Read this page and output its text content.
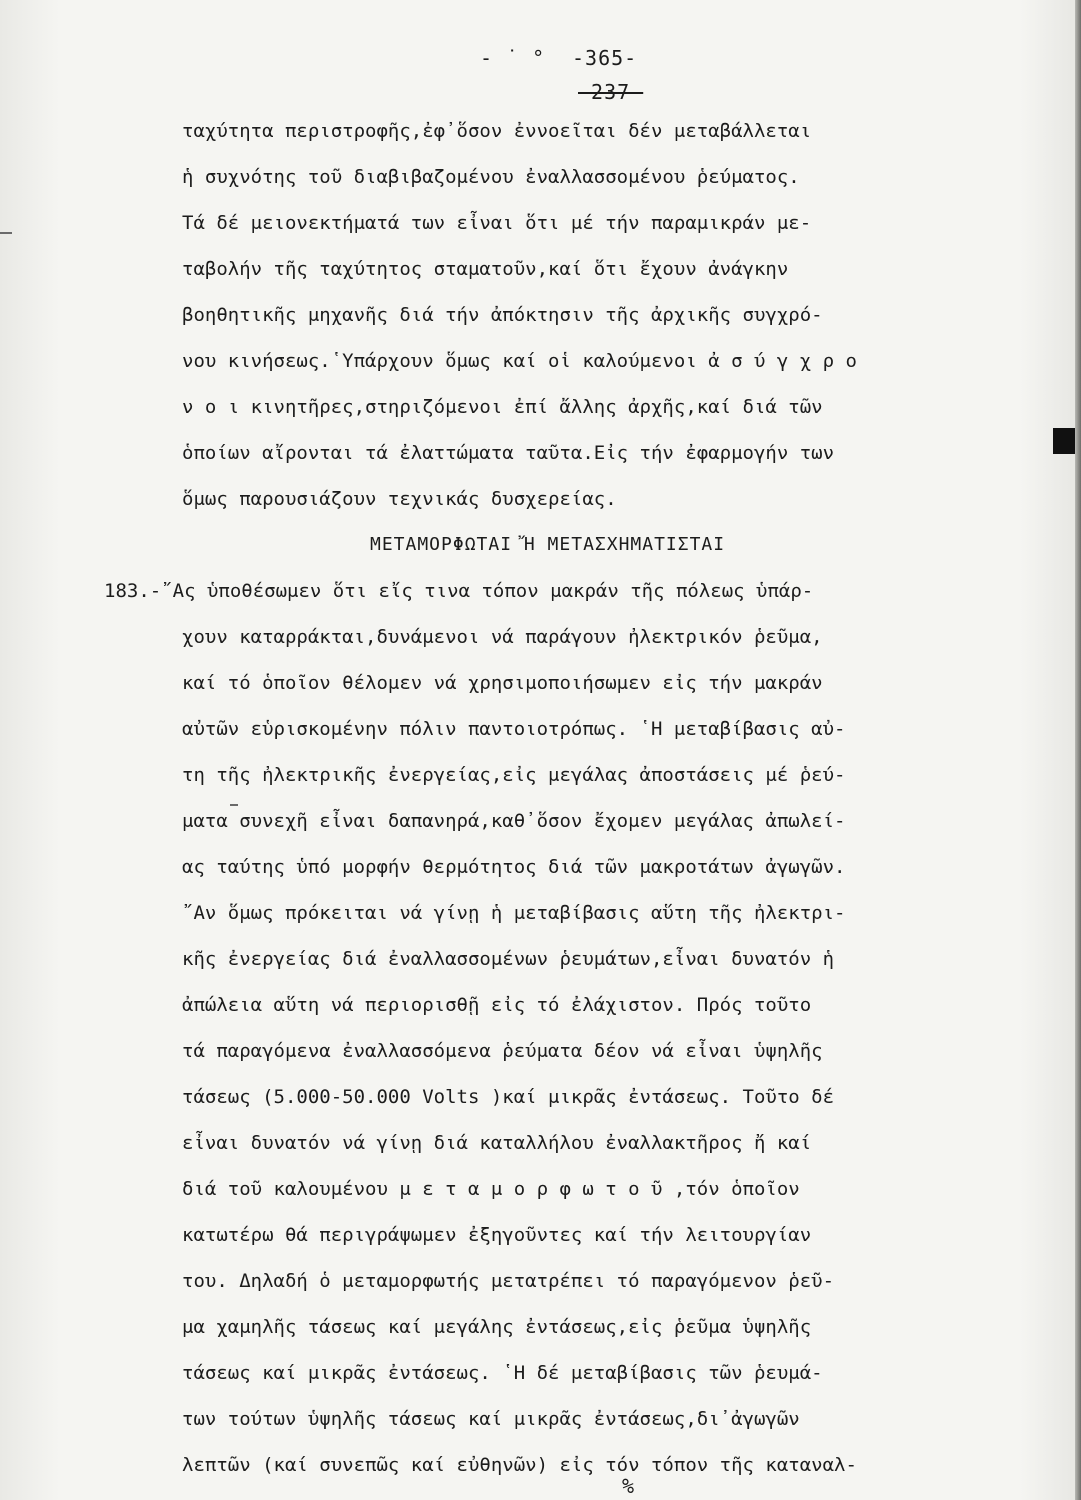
- ˙ ° -365-
-237-
ταχύτητα περιστροφῆς,ἐφ᾽ὅσον ἐννοεῖται δέν μεταβάλλεται
ἡ συχνότης τοῦ διαβιβαζομένου ἐναλλασσομένου ῥεύματος.
Τά δέ μειονεκτήματά των εἶναι ὅτι μέ τήν παραμικράν με-
ταβολήν τῆς ταχύτητος σταματοῦν,καί ὅτι ἔχουν ἀνάγκην
βοηθητικῆς μηχανῆς διά τήν ἀπόκτησιν τῆς ἀρχικῆς συγχρό-
νου κινήσεως.῾Υπάρχουν ὅμως καί οἱ καλούμενοι ἀ σ ύ γ χ ρ ο
ν ο ι κινητῆρες,στηριζόμενοι ἐπί ἄλλης ἀρχῆς,καί διά τῶν
ὁποίων αἴρονται τά ἐλαττώματα ταῦτα.Εἰς τήν ἐφαρμογήν των
ὅμως παρουσιάζουν τεχνικάς δυσχερείας.
ΜΕΤΑΜΟΡΦΩΤΑΙ Ἤ ΜΕΤΑΣΧΗΜΑΤΙΣΤΑΙ
183.-῎Ας ὑποθέσωμεν ὅτι εἴς τινα τόπον μακράν τῆς πόλεως ὑπάρ-
χουν καταρράκται,δυνάμενοι νά παράγουν ἠλεκτρικόν ῥεῦμα,
καί τό ὁποῖον θέλομεν νά χρησιμοποιήσωμεν εἰς τήν μακράν
αὐτῶν εὑρισκομένην πόλιν παντοιοτρόπως. ῾Η μεταβίβασις αὐ-
τη τῆς ἠλεκτρικῆς ἐνεργείας,εἰς μεγάλας ἀποστάσεις μέ ῥεύ-
ματα συνεχῆ εἶναι δαπανηρά,καθ᾽ὅσον ἔχομεν μεγάλας ἀπωλεί-
ας ταύτης ὑπό μορφήν θερμότητος διά τῶν μακροτάτων ἀγωγῶν.
῎Αν ὅμως πρόκειται νά γίνῃ ἡ μεταβίβασις αὕτη τῆς ἠλεκτρι-
κῆς ἐνεργείας διά ἐναλλασσομένων ῥευμάτων,εἶναι δυνατόν ἡ
ἀπώλεια αὕτη νά περιορισθῇ εἰς τό ἐλάχιστον. Πρός τοῦτο
τά παραγόμενα ἐναλλασσόμενα ῥεύματα δέον νά εἶναι ὑψηλῆς
τάσεως (5.000-50.000 Volts )καί μικρᾶς ἐντάσεως. Τοῦτο δέ
εἶναι δυνατόν νά γίνῃ διά καταλλήλου ἐναλλακτῆρος ἤ καί
διά τοῦ καλουμένου μ ε τ α μ ο ρ φ ω τ ο ῦ ,τόν ὁποῖον
κατωτέρω θά περιγράψωμεν ἐξηγοῦντες καί τήν λειτουργίαν
του. Δηλαδή ὁ μεταμορφωτής μετατρέπει τό παραγόμενον ῥεῦ-
μα χαμηλῆς τάσεως καί μεγάλης ἐντάσεως,εἰς ῥεῦμα ὑψηλῆς
τάσεως καί μικρᾶς ἐντάσεως. ῾Η δέ μεταβίβασις τῶν ῥευμά-
των τούτων ὑψηλῆς τάσεως καί μικρᾶς ἐντάσεως,δι᾽ἀγωγῶν
λεπτῶν (καί συνεπῶς καί εὐθηνῶν) εἰς τόν τόπον τῆς καταναλ-
%
